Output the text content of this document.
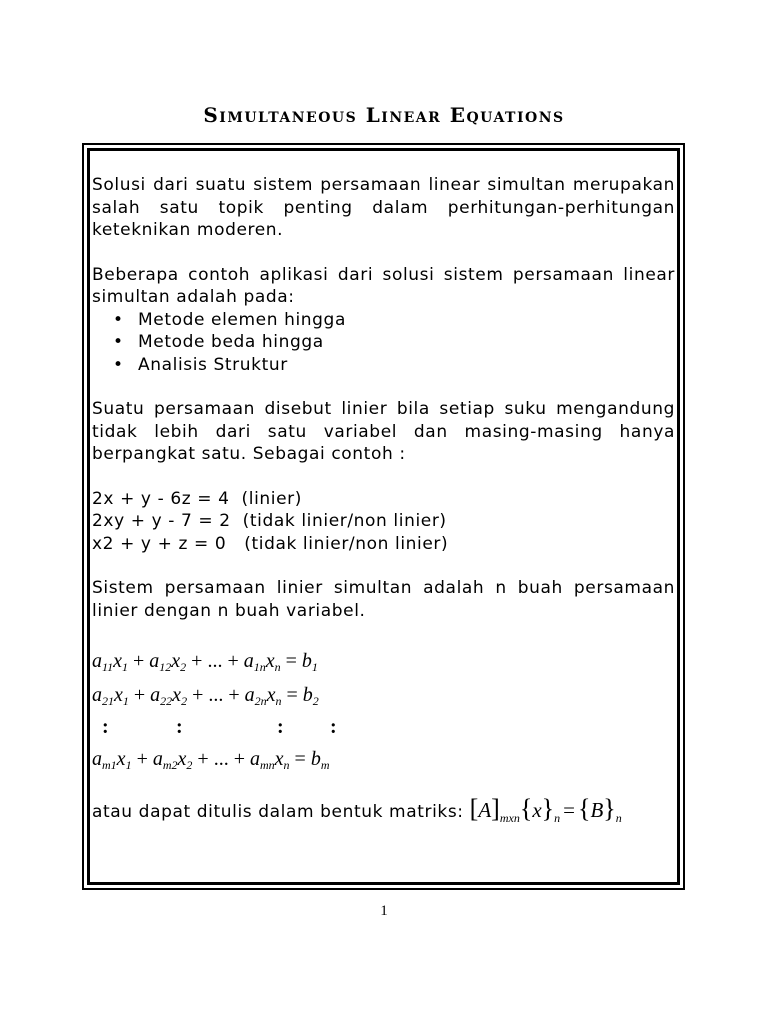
Simultaneous Linear Equations

Solusi dari suatu sistem persamaan linear simultan merupakan salah satu topik penting dalam perhitungan-perhitungan keteknikan moderen.

Beberapa contoh aplikasi dari solusi sistem persamaan linear simultan adalah pada:

• Metode elemen hingga
• Metode beda hingga
• Analisis Struktur

Suatu persamaan disebut linier bila setiap suku mengandung tidak lebih dari satu variabel dan masing-masing hanya berpangkat satu. Sebagai contoh :

2x + y - 6z = 4  (linier)
2xy + y - 7 = 2  (tidak linier/non linier)
x2 + y + z = 0   (tidak linier/non linier)

Sistem persamaan linier simultan adalah n buah persamaan linier dengan n buah variabel.

$a_{11}x_1 + a_{12}x_2$ + ... + $a_{1n}x_n = b_1$
$a_{21}x_1 + a_{22}x_2$ + ... + $a_{2n}x_n = b_2$
:	:	: :
$a_{m1}x_1 + a_{m2}x_2$ + ... + $a_{mn}x_n = b_m$
atau dapat ditulis dalam bentuk matriks: $[A]_{mxn}\{x\}_n = \{B\}_n$

1
